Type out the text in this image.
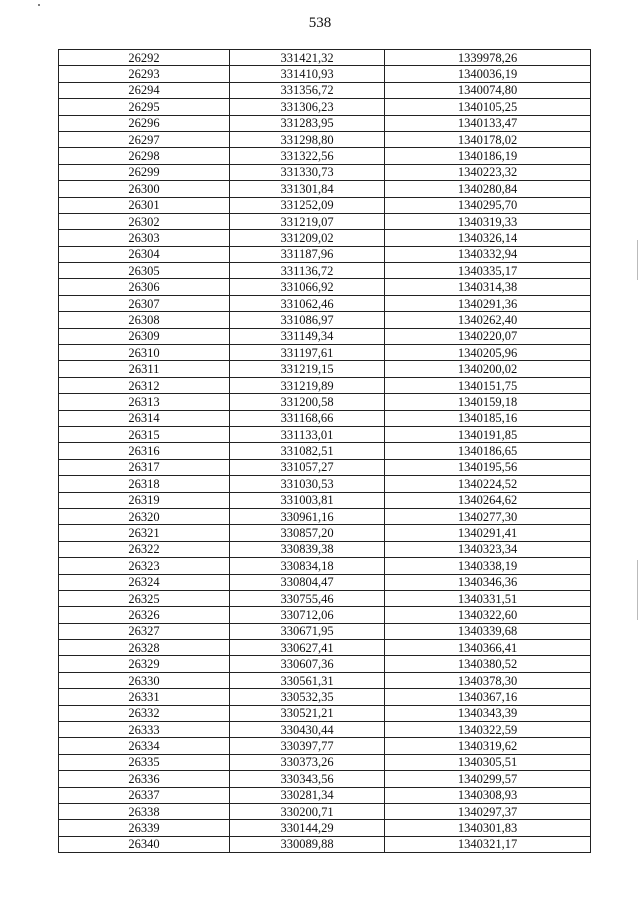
538
26292	331421,32	1339978,26
26293	331410,93	1340036,19
26294	331356,72	1340074,80
26295	331306,23	1340105,25
26296	331283,95	1340133,47
26297	331298,80	1340178,02
26298	331322,56	1340186,19
26299	331330,73	1340223,32
26300	331301,84	1340280,84
26301	331252,09	1340295,70
26302	331219,07	1340319,33
26303	331209,02	1340326,14
26304	331187,96	1340332,94
26305	331136,72	1340335,17
26306	331066,92	1340314,38
26307	331062,46	1340291,36
26308	331086,97	1340262,40
26309	331149,34	1340220,07
26310	331197,61	1340205,96
26311	331219,15	1340200,02
26312	331219,89	1340151,75
26313	331200,58	1340159,18
26314	331168,66	1340185,16
26315	331133,01	1340191,85
26316	331082,51	1340186,65
26317	331057,27	1340195,56
26318	331030,53	1340224,52
26319	331003,81	1340264,62
26320	330961,16	1340277,30
26321	330857,20	1340291,41
26322	330839,38	1340323,34
26323	330834,18	1340338,19
26324	330804,47	1340346,36
26325	330755,46	1340331,51
26326	330712,06	1340322,60
26327	330671,95	1340339,68
26328	330627,41	1340366,41
26329	330607,36	1340380,52
26330	330561,31	1340378,30
26331	330532,35	1340367,16
26332	330521,21	1340343,39
26333	330430,44	1340322,59
26334	330397,77	1340319,62
26335	330373,26	1340305,51
26336	330343,56	1340299,57
26337	330281,34	1340308,93
26338	330200,71	1340297,37
26339	330144,29	1340301,83
26340	330089,88	1340321,17
